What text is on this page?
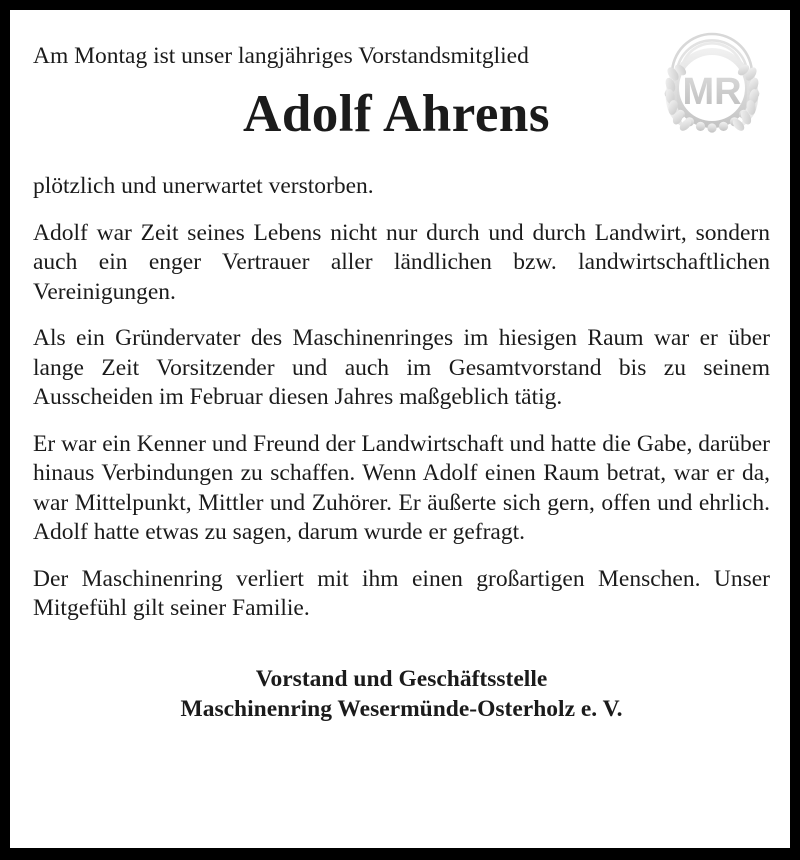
MR
Am Montag ist unser langjähriges Vorstandsmitglied
Adolf Ahrens

plötzlich und unerwartet verstorben.

Adolf war Zeit seines Lebens nicht nur durch und durch Landwirt, sondern auch ein enger Vertrauer aller ländlichen bzw. landwirtschaftlichen Vereinigungen.

Als ein Gründervater des Maschinenringes im hiesigen Raum war er über lange Zeit Vorsitzender und auch im Gesamtvorstand bis zu seinem Ausscheiden im Februar diesen Jahres maßgeblich tätig.

Er war ein Kenner und Freund der Landwirtschaft und hatte die Gabe, darüber hinaus Verbindungen zu schaffen. Wenn Adolf einen Raum betrat, war er da, war Mittelpunkt, Mittler und Zuhörer. Er äußerte sich gern, offen und ehrlich. Adolf hatte etwas zu sagen, darum wurde er gefragt.

Der Maschinenring verliert mit ihm einen großartigen Menschen. Unser Mitgefühl gilt seiner Familie.

Vorstand und Geschäftsstelle
Maschinenring Wesermünde-Osterholz e. V.
